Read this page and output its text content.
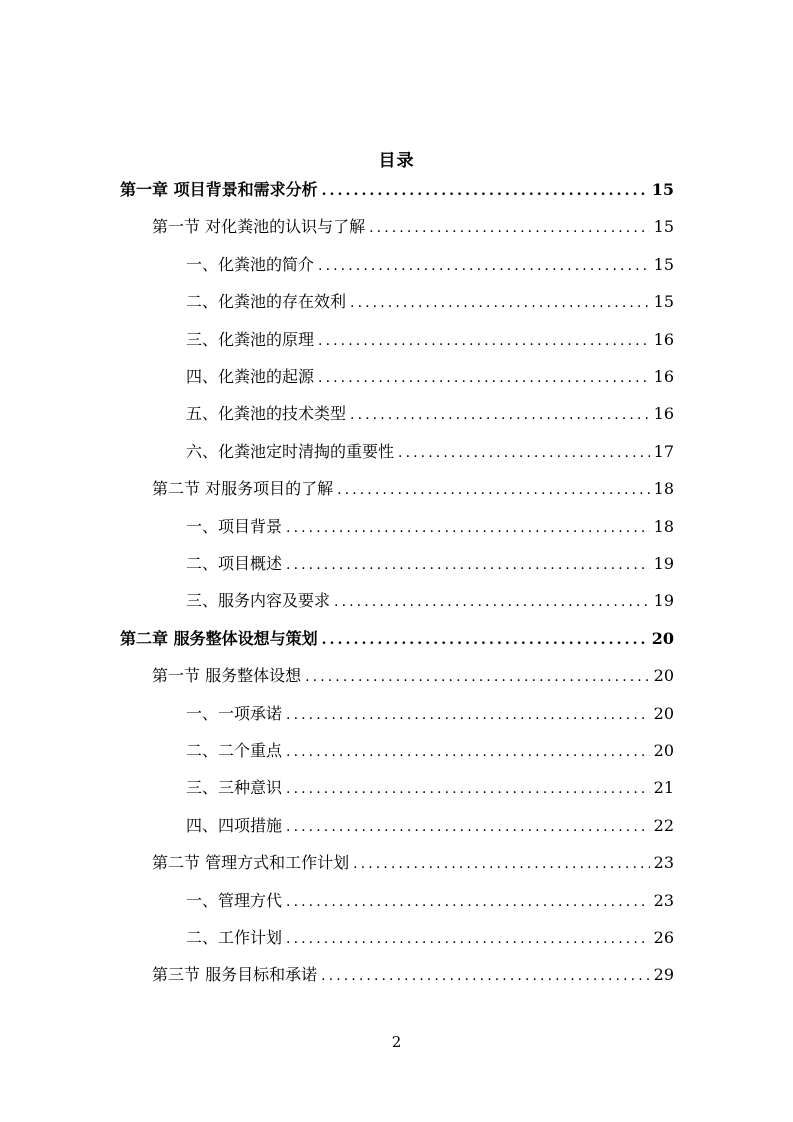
目录
第一章 项目背景和需求分析 .....	15
第一节 对化粪池的认识与了解 .....	15
一、化粪池的简介 .....	15
二、化粪池的存在效利 .....	15
三、化粪池的原理 .....	16
四、化粪池的起源 .....	16
五、化粪池的技术类型 .....	16
六、化粪池定时清掏的重要性 .....	17
第二节 对服务项目的了解 .....	18
一、项目背景 .....	18
二、项目概述 .....	19
三、服务内容及要求 .....	19
第二章 服务整体设想与策划 .....	20
第一节 服务整体设想 .....	20
一、一项承诺 .....	20
二、二个重点 .....	20
三、三种意识 .....	21
四、四项措施 .....	22
第二节 管理方式和工作计划 .....	23
一、管理方代 .....	23
二、工作计划 .....	26
第三节 服务目标和承诺 .....	29
2
